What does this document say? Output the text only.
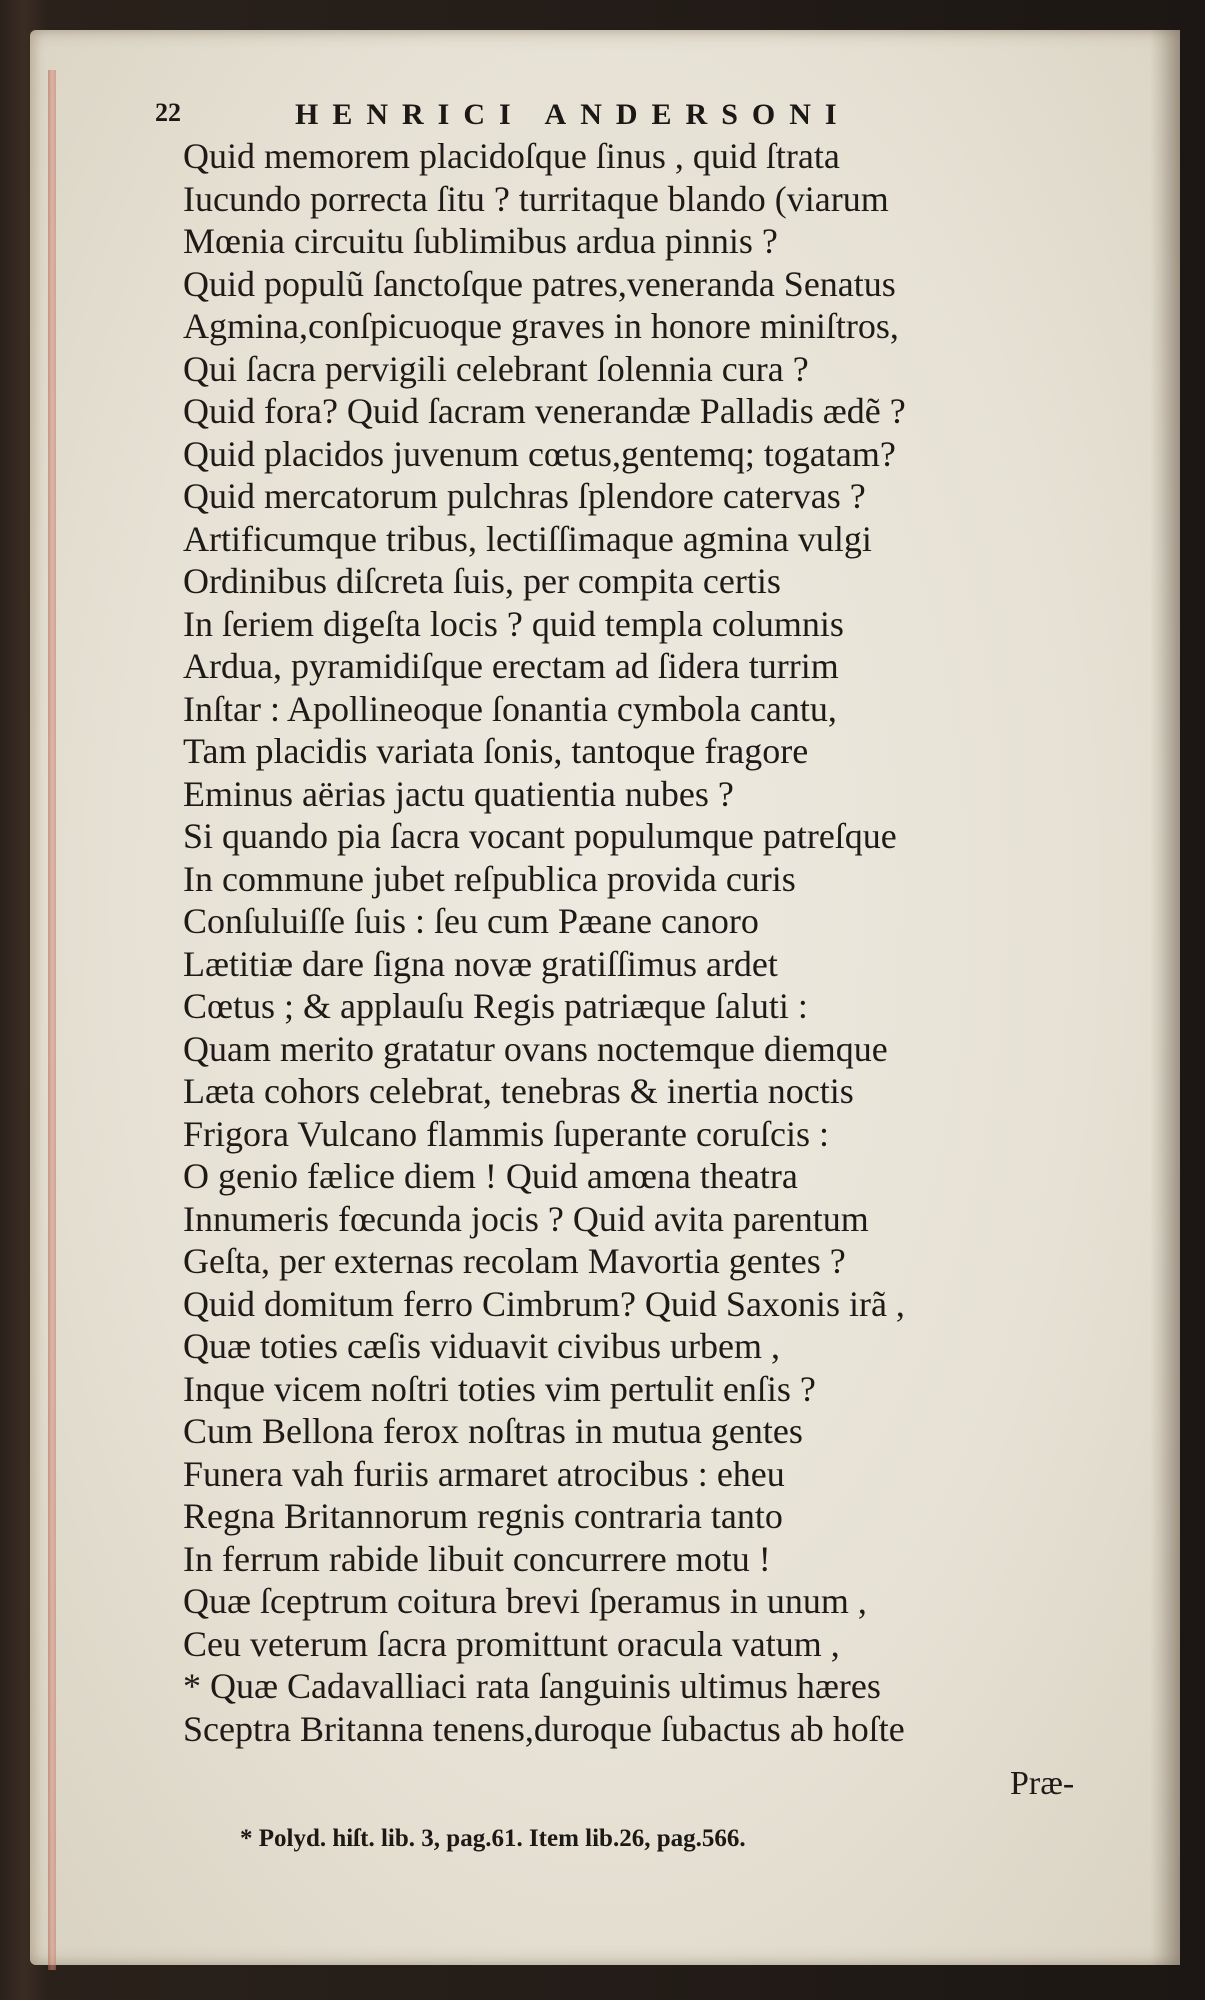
22	HENRICI ANDERSONI
Quid memorem placidoſque ſinus , quid ſtrata
Iucundo porrecta ſitu ? turritaque blando (viarum
Mœnia circuitu ſublimibus ardua pinnis ?
Quid populũ ſanctoſque patres,veneranda Senatus
Agmina,conſpicuoque graves in honore miniſtros,
Qui ſacra pervigili celebrant ſolennia cura ?
Quid fora? Quid ſacram venerandæ Palladis ædẽ ?
Quid placidos juvenum cœtus,gentemq; togatam?
Quid mercatorum pulchras ſplendore catervas ?
Artificumque tribus, lectiſſimaque agmina vulgi
Ordinibus diſcreta ſuis, per compita certis
In ſeriem digeſta locis ? quid templa columnis
Ardua, pyramidiſque erectam ad ſidera turrim
Inſtar : Apollineoque ſonantia cymbola cantu,
Tam placidis variata ſonis, tantoque fragore
Eminus aërias jactu quatientia nubes ?
Si quando pia ſacra vocant populumque patreſque
In commune jubet reſpublica provida curis
Conſuluiſſe ſuis : ſeu cum Pæane canoro
Lætitiæ dare ſigna novæ gratiſſimus ardet
Cœtus ; & applauſu Regis patriæque ſaluti :
Quam merito gratatur ovans noctemque diemque
Læta cohors celebrat, tenebras & inertia noctis
Frigora Vulcano flammis ſuperante coruſcis :
O genio fælice diem ! Quid amœna theatra
Innumeris fœcunda jocis ? Quid avita parentum
Geſta, per externas recolam Mavortia gentes ?
Quid domitum ferro Cimbrum? Quid Saxonis irã ,
Quæ toties cæſis viduavit civibus urbem ,
Inque vicem noſtri toties vim pertulit enſis ?
Cum Bellona ferox noſtras in mutua gentes
Funera vah furiis armaret atrocibus : eheu
Regna Britannorum regnis contraria tanto
In ferrum rabide libuit concurrere motu !
Quæ ſceptrum coitura brevi ſperamus in unum ,
Ceu veterum ſacra promittunt oracula vatum ,
* Quæ Cadavalliaci rata ſanguinis ultimus hæres
Sceptra Britanna tenens,duroque ſubactus ab hoſte
Præ-
* Polyd. hiſt. lib. 3, pag.61. Item lib.26, pag.566.
